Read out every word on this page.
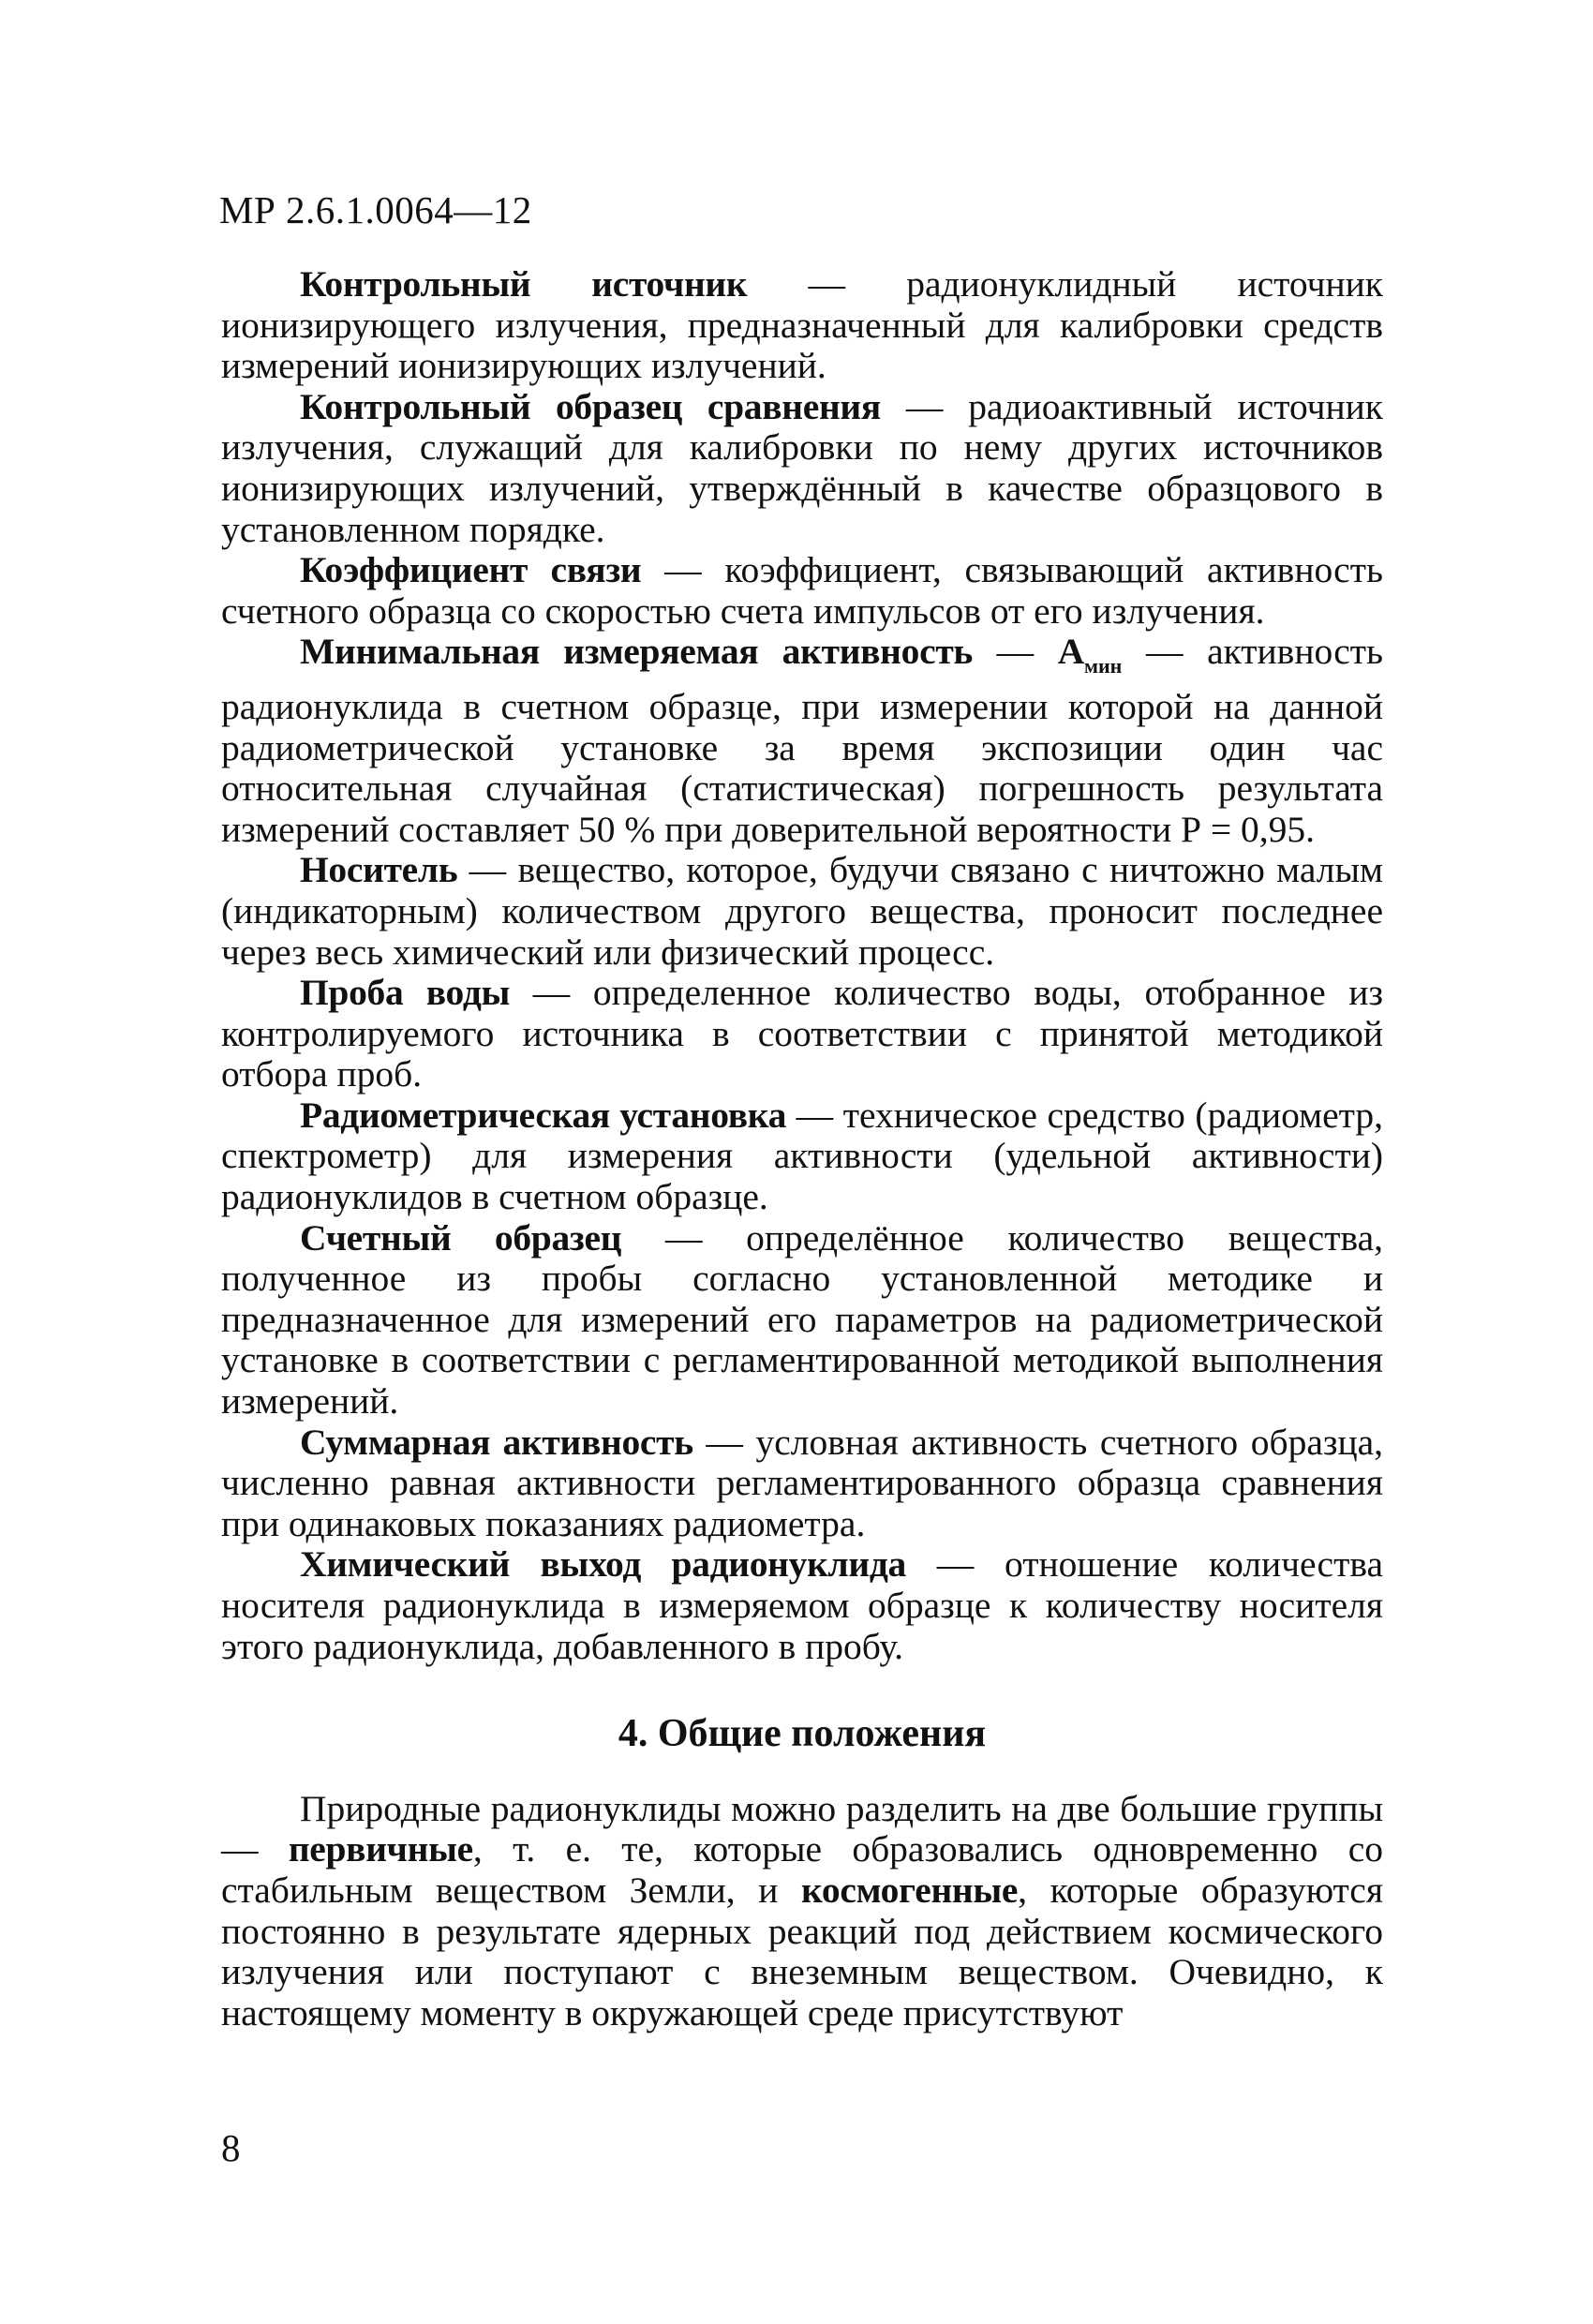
МР 2.6.1.0064—12

Контрольный источник — радионуклидный источник ионизирующего излучения, предназначенный для калибровки средств измерений ионизирующих излучений.

Контрольный образец сравнения — радиоактивный источник излучения, служащий для калибровки по нему других источников ионизирующих излучений, утверждённый в качестве образцового в установленном порядке.

Коэффициент связи — коэффициент, связывающий активность счетного образца со скоростью счета импульсов от его излучения.

Минимальная измеряемая активность — $А_{мин}$ — активность радионуклида в счетном образце, при измерении которой на данной радиометрической установке за время экспозиции один час относительная случайная (статистическая) погрешность результата измерений составляет 50 % при доверительной вероятности Р = 0,95.

Носитель — вещество, которое, будучи связано с ничтожно малым (индикаторным) количеством другого вещества, проносит последнее через весь химический или физический процесс.

Проба воды — определенное количество воды, отобранное из контролируемого источника в соответствии с принятой методикой отбора проб.

Радиометрическая установка — техническое средство (радиометр, спектрометр) для измерения активности (удельной активности) радионуклидов в счетном образце.

Счетный образец — определённое количество вещества, полученное из пробы согласно установленной методике и предназначенное для измерений его параметров на радиометрической установке в соответствии с регламентированной методикой выполнения измерений.

Суммарная активность — условная активность счетного образца, численно равная активности регламентированного образца сравнения при одинаковых показаниях радиометра.

Химический выход радионуклида — отношение количества носителя радионуклида в измеряемом образце к количеству носителя этого радионуклида, добавленного в пробу.

4. Общие положения

Природные радионуклиды можно разделить на две большие группы — первичные, т. е. те, которые образовались одновременно со стабильным веществом Земли, и космогенные, которые образуются постоянно в результате ядерных реакций под действием космического излучения или поступают с внеземным веществом. Очевидно, к настоящему моменту в окружающей среде присутствуют

8
